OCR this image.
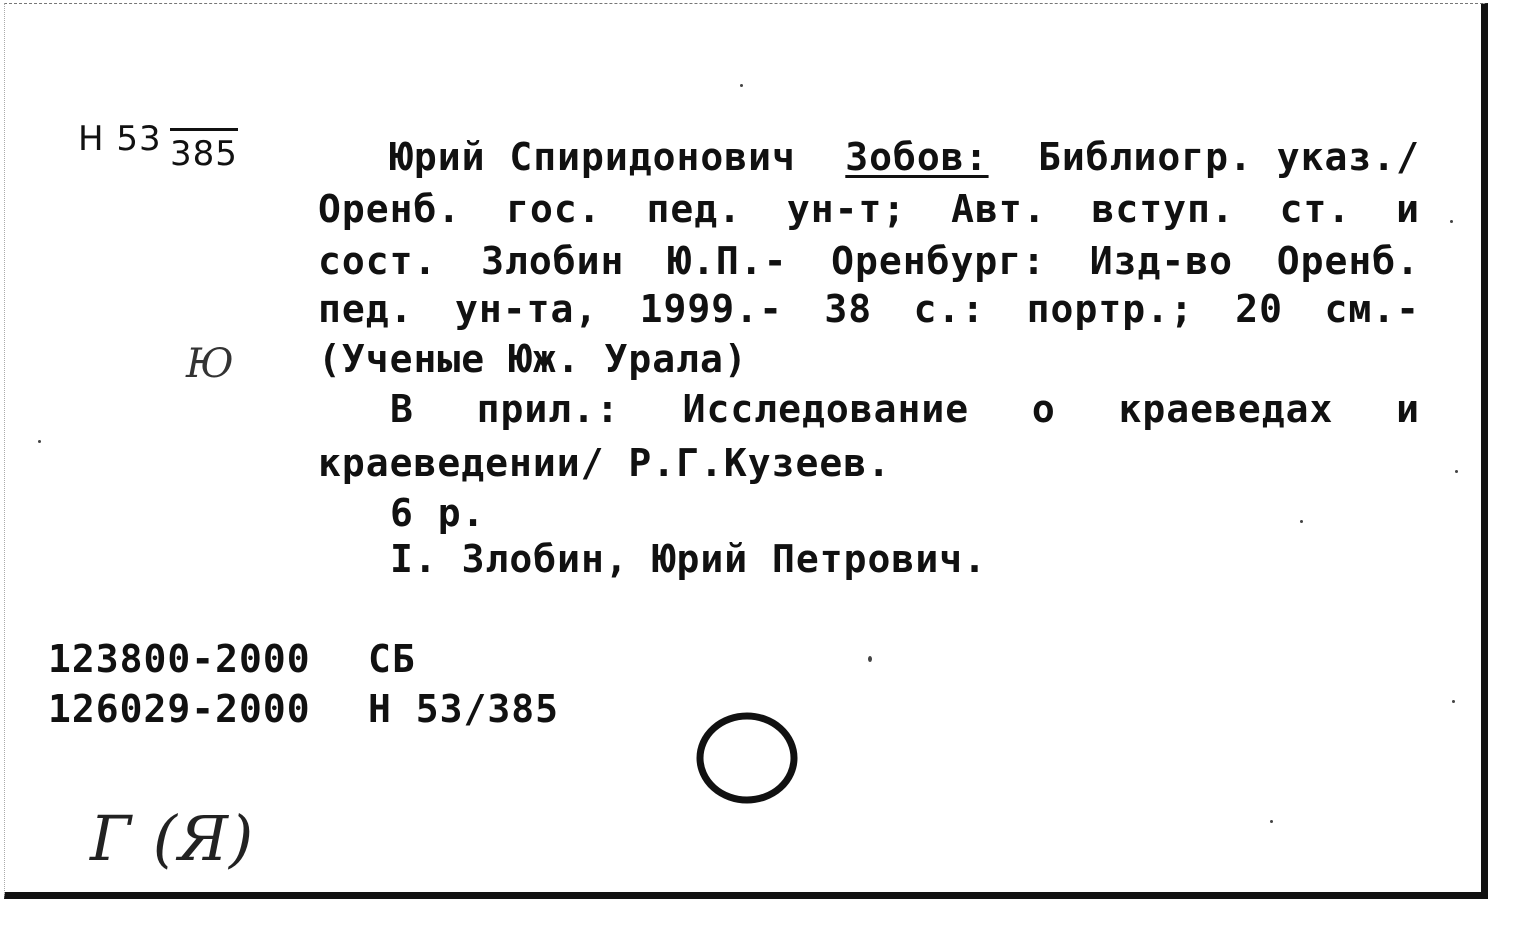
Н 53 385	Юрий Спиридонович Зобов: Библиогр. указ./
Оренб. гос. пед. ун-т; Авт. вступ. ст. и
сост. Злобин Ю.П.- Оренбург: Изд-во Оренб.
пед. ун-та, 1999.- 38 с.: портр.; 20 см.-
(Ученые Юж. Урала)
Ю
В прил.: Исследование о краеведах и
краеведении/ Р.Г.Кузеев.
6 р.
I. Злобин, Юрий Петрович.
123800-2000 СБ
126029-2000 Н 53/385
Г (Я)
